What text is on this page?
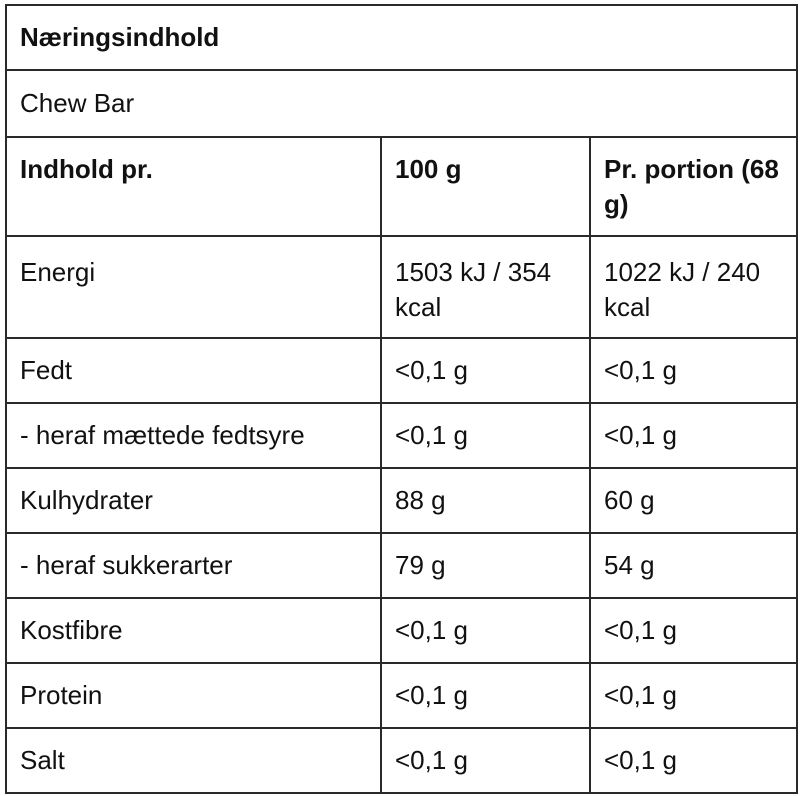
Næringsindhold		
Chew Bar		
Indhold pr.	100 g	Pr. portion (68 g)
Energi	1503 kJ / 354 kcal	1022 kJ / 240 kcal
Fedt	<0,1 g	<0,1 g
- heraf mættede fedtsyre	<0,1 g	<0,1 g
Kulhydrater	88 g	60 g
- heraf sukkerarter	79 g	54 g
Kostfibre	<0,1 g	<0,1 g
Protein	<0,1 g	<0,1 g
Salt	<0,1 g	<0,1 g
